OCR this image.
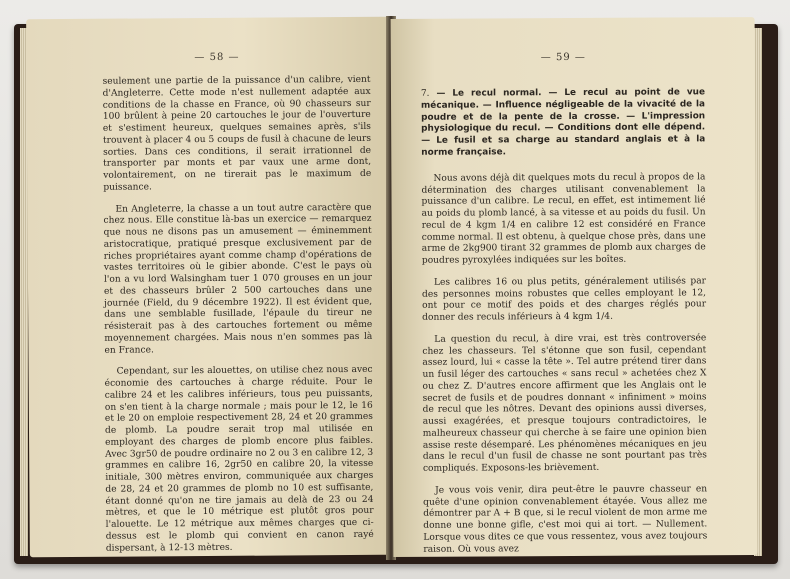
— 58 —

seulement une partie de la puissance d'un calibre, vient d'Angleterre. Cette mode n'est nullement adaptée aux conditions de la chasse en France, où 90 chasseurs sur 100 brûlent à peine 20 cartouches le jour de l'ouverture et s'estiment heureux, quelques semaines après, s'ils trouvent à placer 4 ou 5 coups de fusil à chacune de leurs sorties. Dans ces conditions, il serait irrationnel de transporter par monts et par vaux une arme dont, volontairement, on ne tirerait pas le maximum de puissance.

En Angleterre, la chasse a un tout autre caractère que chez nous. Elle constitue là-bas un exercice — remarquez que nous ne disons pas un amusement — éminemment aristocratique, pratiqué presque exclusivement par de riches propriétaires ayant comme champ d'opérations de vastes territoires où le gibier abonde. C'est le pays où l'on a vu lord Walsingham tuer 1 070 grouses en un jour et des chasseurs brûler 2 500 cartouches dans une journée (Field, du 9 décembre 1922). Il est évident que, dans une semblable fusillade, l'épaule du tireur ne résisterait pas à des cartouches fortement ou même moyennement chargées. Mais nous n'en sommes pas là en France.

Cependant, sur les alouettes, on utilise chez nous avec économie des cartouches à charge réduite. Pour le calibre 24 et les calibres inférieurs, tous peu puissants, on s'en tient à la charge normale ; mais pour le 12, le 16 et le 20 on emploie respectivement 28, 24 et 20 grammes de plomb. La poudre serait trop mal utilisée en employant des charges de plomb encore plus faibles. Avec 3gr50 de poudre ordinaire no 2 ou 3 en calibre 12, 3 grammes en calibre 16, 2gr50 en calibre 20, la vitesse initiale, 300 mètres environ, communiquée aux charges de 28, 24 et 20 grammes de plomb no 10 est suffisante, étant donné qu'on ne tire jamais au delà de 23 ou 24 mètres, et que le 10 métrique est plutôt gros pour l'alouette. Le 12 métrique aux mêmes charges que ci-dessus est le plomb qui convient en canon rayé dispersant, à 12-13 mètres.

— 59 —
7. — Le recul normal. — Le recul au point de vue mécanique. — Influence négligeable de la vivacité de la poudre et de la pente de la crosse. — L'impression physiologique du recul. — Conditions dont elle dépend. — Le fusil et sa charge au standard anglais et à la norme française.

Nous avons déjà dit quelques mots du recul à propos de la détermination des charges utilisant convenablement la puissance d'un calibre. Le recul, en effet, est intimement lié au poids du plomb lancé, à sa vitesse et au poids du fusil. Un recul de 4 kgm 1/4 en calibre 12 est considéré en France comme normal. Il est obtenu, à quelque chose près, dans une arme de 2kg900 tirant 32 grammes de plomb aux charges de poudres pyroxylées indiquées sur les boîtes.

Les calibres 16 ou plus petits, généralement utilisés par des personnes moins robustes que celles employant le 12, ont pour ce motif des poids et des charges réglés pour donner des reculs inférieurs à 4 kgm 1/4.

La question du recul, à dire vrai, est très controversée chez les chasseurs. Tel s'étonne que son fusil, cependant assez lourd, lui « casse la tête ». Tel autre prétend tirer dans un fusil léger des cartouches « sans recul » achetées chez X ou chez Z. D'autres encore affirment que les Anglais ont le secret de fusils et de poudres donnant « infiniment » moins de recul que les nôtres. Devant des opinions aussi diverses, aussi exagérées, et presque toujours contradictoires, le malheureux chasseur qui cherche à se faire une opinion bien assise reste désemparé. Les phénomènes mécaniques en jeu dans le recul d'un fusil de chasse ne sont pourtant pas très compliqués. Exposons-les brièvement.

Je vous vois venir, dira peut-être le pauvre chasseur en quête d'une opinion convenablement étayée. Vous allez me démontrer par A + B que, si le recul violent de mon arme me donne une bonne gifle, c'est moi qui ai tort. — Nullement. Lorsque vous dites ce que vous ressentez, vous avez toujours raison. Où vous avez
